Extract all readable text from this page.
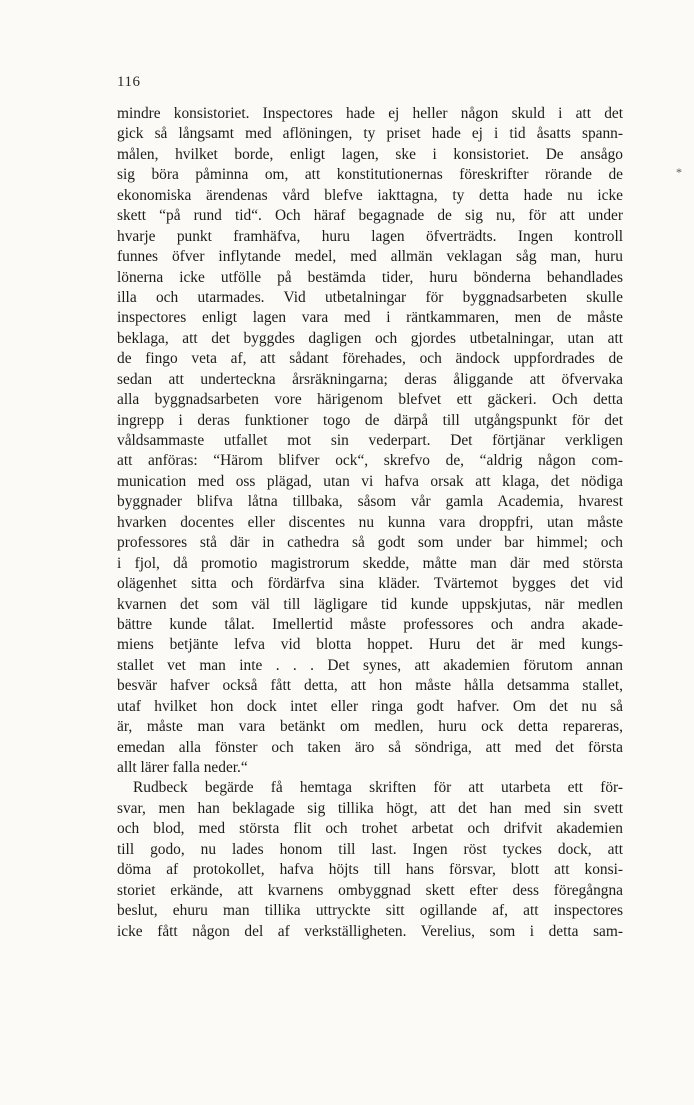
116
*
mindre konsistoriet. Inspectores hade ej heller någon skuld i att det
gick så långsamt med aflöningen, ty priset hade ej i tid åsatts spann-
målen, hvilket borde, enligt lagen, ske i konsistoriet. De ansågo
sig böra påminna om, att konstitutionernas föreskrifter rörande de
ekonomiska ärendenas vård blefve iakttagna, ty detta hade nu icke
skett “på rund tid“. Och häraf begagnade de sig nu, för att under
hvarje punkt framhäfva, huru lagen öfverträdts. Ingen kontroll
funnes öfver inflytande medel, med allmän veklagan såg man, huru
lönerna icke utfölle på bestämda tider, huru bönderna behandlades
illa och utarmades. Vid utbetalningar för byggnadsarbeten skulle
inspectores enligt lagen vara med i räntkammaren, men de måste
beklaga, att det byggdes dagligen och gjordes utbetalningar, utan att
de fingo veta af, att sådant förehades, och ändock uppfordrades de
sedan att underteckna årsräkningarna; deras åliggande att öfvervaka
alla byggnadsarbeten vore härigenom blefvet ett gäckeri. Och detta
ingrepp i deras funktioner togo de därpå till utgångspunkt för det
våldsammaste utfallet mot sin vederpart. Det förtjänar verkligen
att anföras: “Härom blifver ock“, skrefvo de, “aldrig någon com-
munication med oss plägad, utan vi hafva orsak att klaga, det nödiga
byggnader blifva låtna tillbaka, såsom vår gamla Academia, hvarest
hvarken docentes eller discentes nu kunna vara droppfri, utan måste
professores stå där in cathedra så godt som under bar himmel; och
i fjol, då promotio magistrorum skedde, måtte man där med största
olägenhet sitta och fördärfva sina kläder. Tvärtemot bygges det vid
kvarnen det som väl till lägligare tid kunde uppskjutas, när medlen
bättre kunde tålat. Imellertid måste professores och andra akade-
miens betjänte lefva vid blotta hoppet. Huru det är med kungs-
stallet vet man inte . . . Det synes, att akademien förutom annan
besvär hafver också fått detta, att hon måste hålla detsamma stallet,
utaf hvilket hon dock intet eller ringa godt hafver. Om det nu så
är, måste man vara betänkt om medlen, huru ock detta repareras,
emedan alla fönster och taken äro så söndriga, att med det första
allt lärer falla neder.“
Rudbeck begärde få hemtaga skriften för att utarbeta ett för-
svar, men han beklagade sig tillika högt, att det han med sin svett
och blod, med största flit och trohet arbetat och drifvit akademien
till godo, nu lades honom till last. Ingen röst tyckes dock, att
döma af protokollet, hafva höjts till hans försvar, blott att konsi-
storiet erkände, att kvarnens ombyggnad skett efter dess föregångna
beslut, ehuru man tillika uttryckte sitt ogillande af, att inspectores
icke fått någon del af verkställigheten. Verelius, som i detta sam-
